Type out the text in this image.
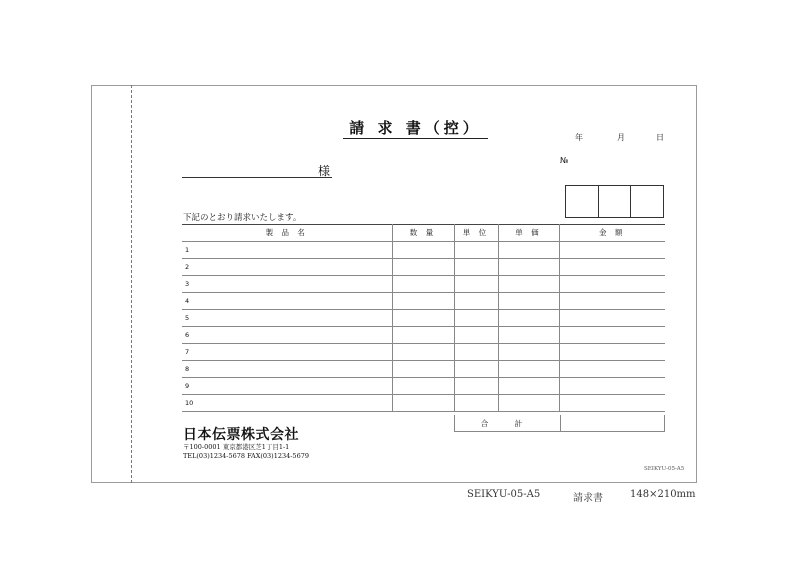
請 求 書（控）
年	月	日
№
様
下記のとおり請求いたします。
製 品 名	数 量	単 位	単 価	金 額
1				
2				
3				
4				
5				
6				
7				
8				
9				
10				
合 計
日本伝票株式会社
〒100-0001 東京都港区芝1丁目1-1
TEL(03)1234-5678 FAX(03)1234-5679
SEIKYU-05-A5
SEIKYU-05-A5	請求書	148×210mm
